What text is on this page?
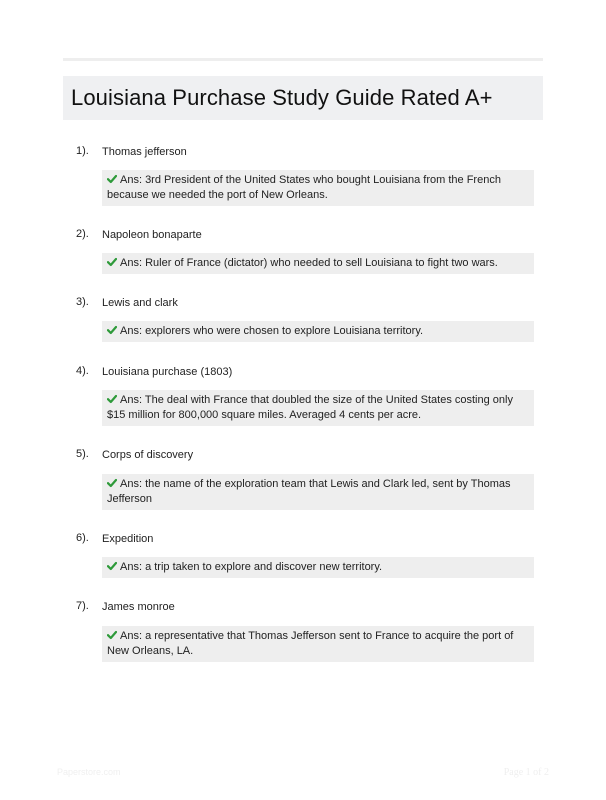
Louisiana Purchase Study Guide Rated A+
1). Thomas jefferson
Ans: 3rd President of the United States who bought Louisiana from the French because we needed the port of New Orleans.
2). Napoleon bonaparte
Ans: Ruler of France (dictator) who needed to sell Louisiana to fight two wars.
3). Lewis and clark
Ans: explorers who were chosen to explore Louisiana territory.
4). Louisiana purchase (1803)
Ans: The deal with France that doubled the size of the United States costing only $15 million for 800,000 square miles. Averaged 4 cents per acre.
5). Corps of discovery
Ans: the name of the exploration team that Lewis and Clark led, sent by Thomas Jefferson
6). Expedition
Ans: a trip taken to explore and discover new territory.
7). James monroe
Ans: a representative that Thomas Jefferson sent to France to acquire the port of New Orleans, LA.
Paperstore.com	Page 1 of 2
